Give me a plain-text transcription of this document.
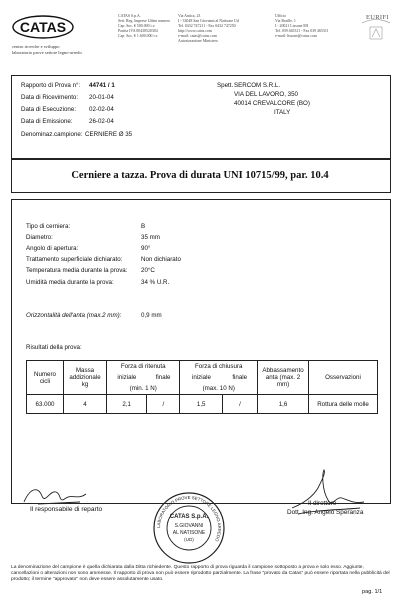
CATAS
centro ricerche e sviluppo
laboratorio prove settore legno-arredo
CATAS S.p.A.
Sett. Reg. Imprese Udine numero
Cap. Soc. € 500.000 i.v.
Partita IVA 00438520304
Cap. Soc. € 1.600.000 i.v.
Via Antica, 23
I - 33048 San Giovanni al Natisone Ud
Tel. 0432 747211 - Fax 0432 747250
http://www.catas.com
e-mail: catas@catas.com
Autorizzazione Ministero
Ufficio
Via Braille, 1
I - 20021 Lissone MI
Tel. 039 465311 - Fax 039 465311
e-mail: lissone@catas.com
EURIFI
Rapporto di Prova n°: 44741 / 1
Data di Ricevimento: 20-01-04
Data di Esecuzione: 02-02-04
Data di Emissione:	26-02-04
Denominaz.campione: CERNIERE Ø 35
Spett. SERCOM S.R.L.
VIA DEL LAVORO, 350
40014 CREVALCORE (BO)
ITALY
Cerniere a tazza. Prova di durata UNI 10715/99, par. 10.4
Tipo di cerniera:	B
Diametro:	35 mm
Angolo di apertura:	90°
Trattamento superficiale dichiarato:	Non dichiarato
Temperatura media durante la prova: 20°C
Umidità media durante la prova:	34 % U.R.
Orizzontalità dell'anta (max.2 mm):	0,9 mm
Risultati della prova:
Numero cicli	Massa addizionale kg	Forza di ritenuta		Forza di chiusura		Abbassamento anta (max. 2 mm)	Osservazioni
		iniziale	finale	iniziale	finale		
		(min. 1 N)		(max. 10 N)			
63.000	4	2,1	/	1,5	/	1,6	Rottura delle molle
Il responsabile di reparto
Il direttore
Dott. Ing. Angelo Speranza
LABORATORIO PROVE SETTORE LEGNO ARREDO
CATAS S.p.A.
S.GIOVANNI
AL NATISONE
(UD)
La denominazione del campione è quella dichiarata dalla Ditta richiedente. Questo rapporto di prova riguarda il campione sottoposto a prova e solo esso. Aggiunte, cancellazioni o alterazioni non sono ammesse. Il rapporto di prova non può essere riprodotto parzialmente. La frase "provato da Catas" può essere riportata nella pubblicità del prodotto; il termine "approvato" non deve essere assolutamente usato.
pag. 1/1
